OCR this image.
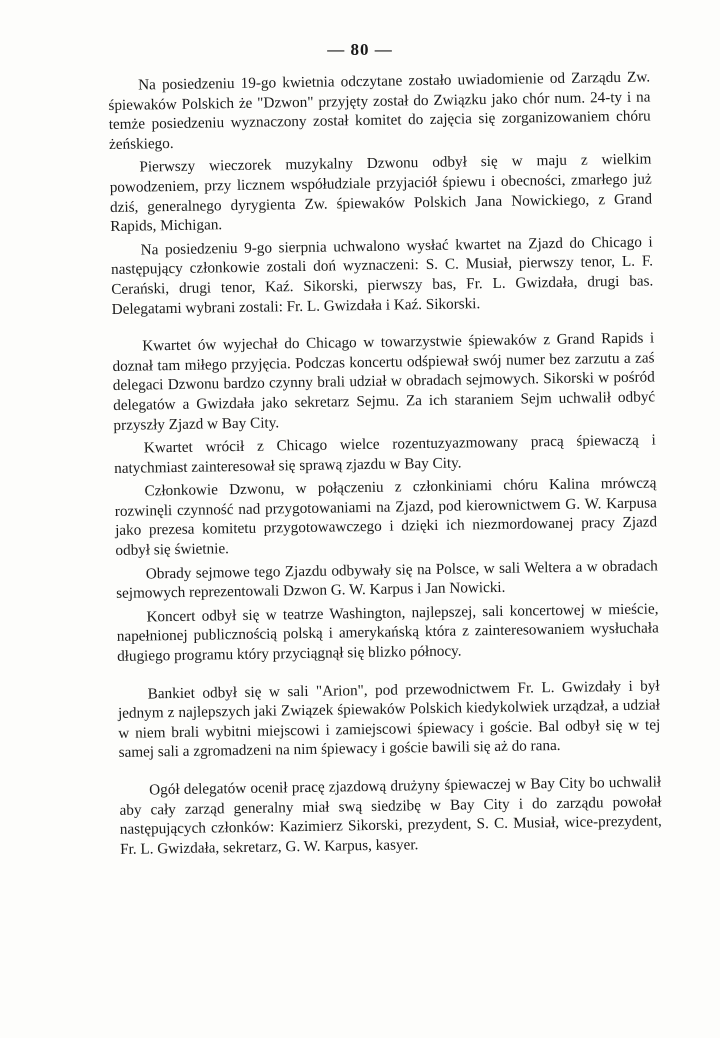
— 80 —

Na posiedzeniu 19-go kwietnia odczytane zostało uwiadomienie od Zarządu Zw. śpiewaków Polskich że "Dzwon" przyjęty został do Związku jako chór num. 24-ty i na temże posiedzeniu wyznaczony został komitet do zajęcia się zorganizowaniem chóru żeńskiego.

Pierwszy wieczorek muzykalny Dzwonu odbył się w maju z wielkim powodzeniem, przy licznem współudziale przyjaciół śpiewu i obecności, zmarłego już dziś, generalnego dyrygienta Zw. śpiewaków Polskich Jana Nowickiego, z Grand Rapids, Michigan.

Na posiedzeniu 9-go sierpnia uchwalono wysłać kwartet na Zjazd do Chicago i następujący członkowie zostali doń wyznaczeni: S. C. Musiał, pierwszy tenor, L. F. Cerański, drugi tenor, Kaź. Sikorski, pierwszy bas, Fr. L. Gwizdała, drugi bas. Delegatami wybrani zostali: Fr. L. Gwizdała i Kaź. Sikorski.

Kwartet ów wyjechał do Chicago w towarzystwie śpiewaków z Grand Rapids i doznał tam miłego przyjęcia. Podczas koncertu odśpiewał swój numer bez zarzutu a zaś delegaci Dzwonu bardzo czynny brali udział w obradach sejmowych. Sikorski w pośród delegatów a Gwizdała jako sekretarz Sejmu. Za ich staraniem Sejm uchwalił odbyć przyszły Zjazd w Bay City.

Kwartet wrócił z Chicago wielce rozentuzyazmowany pracą śpiewaczą i natychmiast zainteresował się sprawą zjazdu w Bay City.

Członkowie Dzwonu, w połączeniu z członkiniami chóru Kalina mrówczą rozwinęli czynność nad przygotowaniami na Zjazd, pod kierownictwem G. W. Karpusa jako prezesa komitetu przygotowawczego i dzięki ich niezmordowanej pracy Zjazd odbył się świetnie.

Obrady sejmowe tego Zjazdu odbywały się na Polsce, w sali Weltera a w obradach sejmowych reprezentowali Dzwon G. W. Karpus i Jan Nowicki.

Koncert odbył się w teatrze Washington, najlepszej, sali koncertowej w mieście, napełnionej publicznością polską i amerykańską która z zainteresowaniem wysłuchała długiego programu który przyciągnął się blizko północy.

Bankiet odbył się w sali "Arion", pod przewodnictwem Fr. L. Gwizdały i był jednym z najlepszych jaki Związek śpiewaków Polskich kiedykolwiek urządzał, a udział w niem brali wybitni miejscowi i zamiejscowi śpiewacy i goście. Bal odbył się w tej samej sali a zgromadzeni na nim śpiewacy i goście bawili się aż do rana.

Ogół delegatów ocenił pracę zjazdową drużyny śpiewaczej w Bay City bo uchwalił aby cały zarząd generalny miał swą siedzibę w Bay City i do zarządu powołał następujących członków: Kazimierz Sikorski, prezydent, S. C. Musiał, wice-prezydent, Fr. L. Gwizdała, sekretarz, G. W. Karpus, kasyer.
